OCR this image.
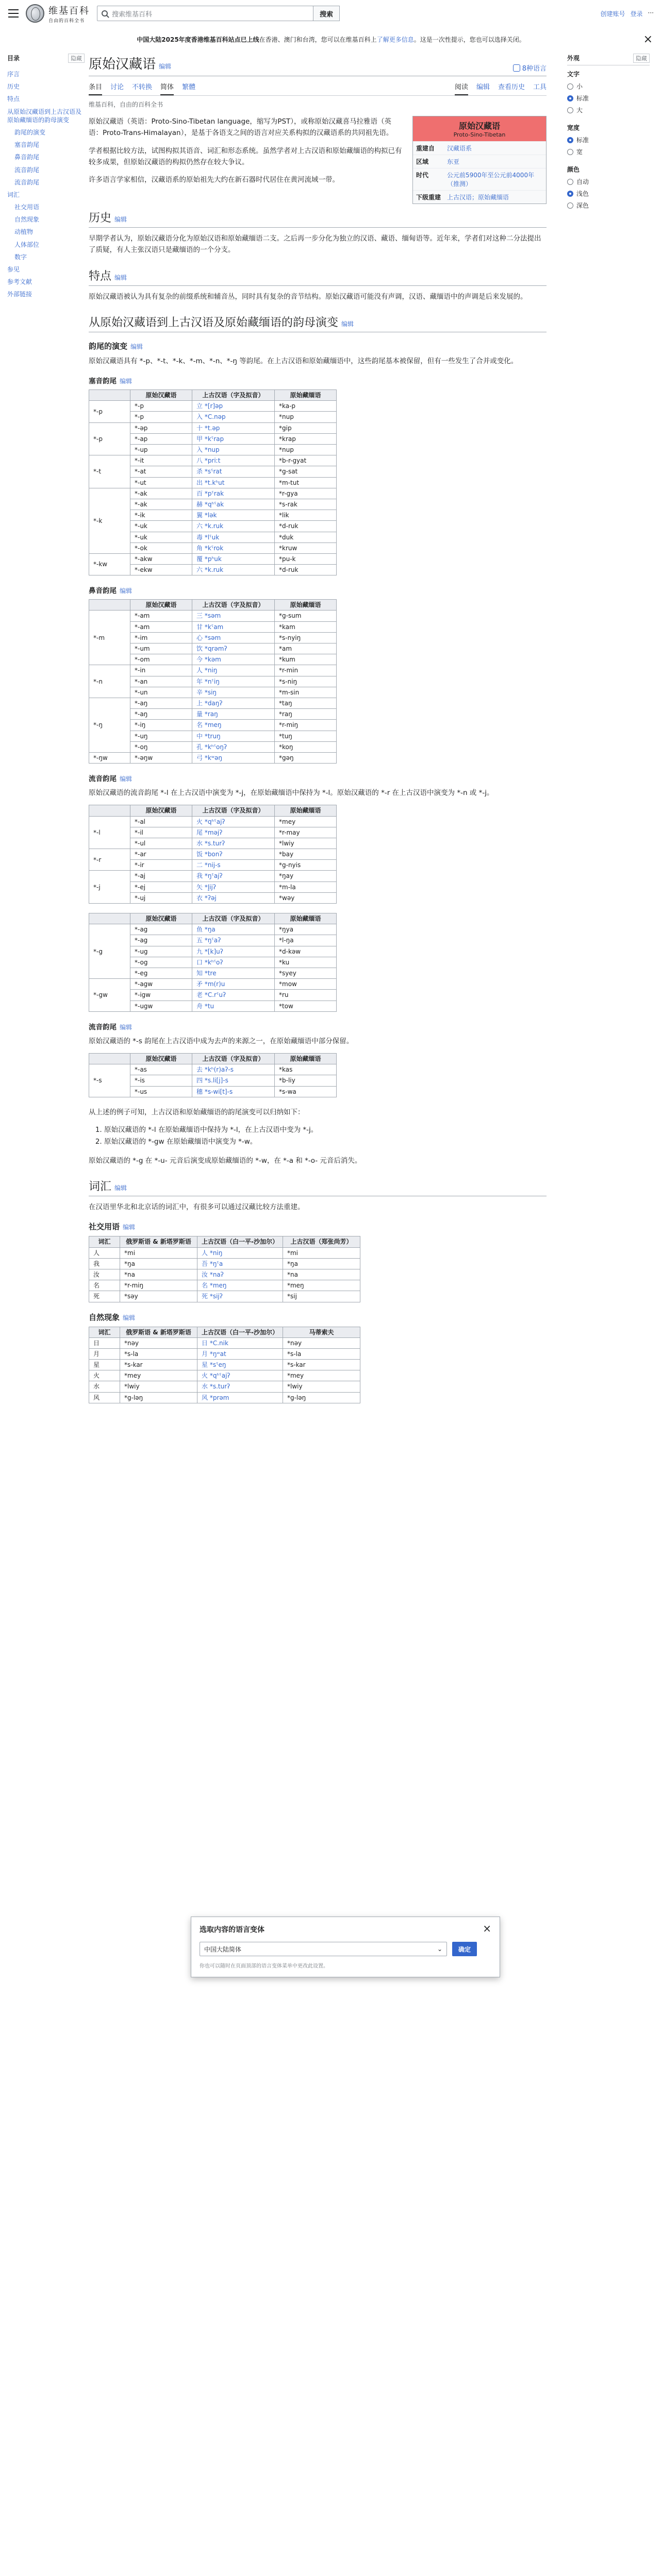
维基百科
自由的百科全书
搜索维基百科	搜索	创建账号 登录 ···
中国大陆2025年度香港维基百科站点已上线在香港、澳门和台湾，您可以在维基百科上了解更多信息。这是一次性提示，您也可以选择关闭。	×
目录	隐藏
序言
历史
特点
从原始汉藏语到上古汉语及原始藏缅语的韵母演变
韵尾的演变
塞音韵尾
鼻音韵尾
流音韵尾
流音韵尾
词汇
社交用语
自然现象
动植物
人体部位
数字
参见
参考文献
外部链接
原始汉藏语 编辑	8种语言
条目 讨论 不转换 简体 繁體	阅读 编辑 查看历史 工具
维基百科，自由的百科全书
原始汉藏语
Proto-Sino-Tibetan
重建自	汉藏语系
区域	东亚
时代	公元前5900年至公元前4000年（推测）
下级重建	上古汉语；原始藏缅语

原始汉藏语（英语：Proto-Sino-Tibetan language，缩写为PST），或称原始汉藏喜马拉雅语（英语：Proto-Trans-Himalayan），是基于各语支之间的语言对应关系构拟的汉藏语系的共同祖先语。

学者根据比较方法，试图构拟其语音、词汇和形态系统。虽然学者对上古汉语和原始藏缅语的构拟已有较多成果，但原始汉藏语的构拟仍然存在较大争议。

许多语言学家相信，汉藏语系的原始祖先大约在新石器时代居住在黄河流域一带。

历史 编辑

早期学者认为，原始汉藏语分化为原始汉语和原始藏缅语二支。之后再一步分化为独立的汉语、藏语、缅甸语等。近年来，学者们对这种二分法提出了质疑，有人主张汉语只是藏缅语的一个分支。

特点 编辑

原始汉藏语被认为具有复杂的前缀系统和辅音丛，同时具有复杂的音节结构。原始汉藏语可能没有声调，汉语、藏缅语中的声调是后来发展的。

从原始汉藏语到上古汉语及原始藏缅语的韵母演变 编辑
韵尾的演变 编辑

原始汉藏语具有 *-p、*-t、*-k、*-m、*-n、*-ŋ 等韵尾。在上古汉语和原始藏缅语中，这些韵尾基本被保留，但有一些发生了合并或变化。

塞音韵尾 编辑
	原始汉藏语	上古汉语（字及拟音）	原始藏缅语
*-p	*-p	立 *[r]ǝp	*ka-p
	*-p	入 *C.nǝp	*nup
*-p	*-ǝp	十 *t.ǝp	*gip
	*-ap	甲 *kˤrap	*krap
	*-up	入 *nup	*nup
*-t	*-it	八 *priːt	*b-r-gyat
	*-at	杀 *sˤrat	*g-sat
	*-ut	出 *t.kʰut	*m-tut
*-k	*-ak	百 *pˤrak	*r-gya
	*-ak	赫 *qʰˤak	*s-rak
	*-ik	翼 *lək	*lik
	*-uk	六 *k.ruk	*d-ruk
	*-uk	毒 *lˤuk	*duk
	*-ok	角 *kˤrok	*kruw
*-kw	*-akw	覆 *pʰuk	*pu-k
	*-ekw	六 *k.ruk	*d-ruk
鼻音韵尾 编辑
	原始汉藏语	上古汉语（字及拟音）	原始藏缅语
*-m	*-am	三 *səm	*g-sum
	*-am	甘 *kˤam	*kam
	*-im	心 *səm	*s-nyiŋ
	*-um	饮 *qrəmʔ	*am
	*-om	今 *kəm	*kum
*-n	*-in	人 *niŋ	*r-min
	*-an	年 *nˤiŋ	*s-niŋ
	*-un	辛 *siŋ	*m-sin
*-ŋ	*-aŋ	上 *daŋʔ	*taŋ
	*-aŋ	量 *raŋ	*raŋ
	*-iŋ	名 *meŋ	*r-miŋ
	*-uŋ	中 *truŋ	*tuŋ
	*-oŋ	孔 *kʰˤoŋʔ	*koŋ
*-ŋw	*-əŋw	弓 *kʷəŋ	*gəŋ
流音韵尾 编辑

原始汉藏语的流音韵尾 *-l 在上古汉语中演变为 *-j，在原始藏缅语中保持为 *-l。原始汉藏语的 *-r 在上古汉语中演变为 *-n 或 *-j。

	原始汉藏语	上古汉语（字及拟音）	原始藏缅语
*-l	*-al	火 *qʰˤajʔ	*mey
	*-il	尾 *məjʔ	*r-may
	*-ul	水 *s.turʔ	*lwiy
*-r	*-ar	饭 *bonʔ	*bay
	*-ir	二 *nij-s	*g-nyis
*-j	*-aj	我 *ŋˤajʔ	*ŋay
	*-ej	矢 *l̥ijʔ	*m-la
	*-uj	衣 *ʔəj	*wəy
	原始汉藏语	上古汉语（字及拟音）	原始藏缅语
*-g	*-ag	鱼 *ŋa	*ŋya
	*-ag	五 *ŋˤaʔ	*l-ŋa
	*-ug	九 *[k]uʔ	*d-kəw
	*-og	口 *kʰˤoʔ	*ku
	*-eg	知 *tre	*syey
*-gw	*-agw	矛 *m(r)u	*mow
	*-igw	老 *C.rˤuʔ	*ru
	*-ugw	舟 *tu	*tow
流音韵尾 编辑

原始汉藏语的 *-s 韵尾在上古汉语中成为去声的来源之一，在原始藏缅语中部分保留。

	原始汉藏语	上古汉语（字及拟音）	原始藏缅语
*-s	*-as	去 *kʰ(r)aʔ-s	*kas
	*-is	四 *s.li[j]-s	*b-liy
	*-us	穗 *s-wi[t]-s	*s-wa

从上述的例子可知，上古汉语和原始藏缅语的韵尾演变可以归纳如下：

1. 原始汉藏语的 *-l 在原始藏缅语中保持为 *-l，在上古汉语中变为 *-j。
2. 原始汉藏语的 *-gw 在原始藏缅语中演变为 *-w。

原始汉藏语的 *-g 在 *-u- 元音后演变成原始藏缅语的 *-w，在 *-a 和 *-o- 元音后消失。

词汇 编辑

在汉语里华北和北京话的词汇中，有很多可以通过汉藏比较方法重建。

社交用语 编辑
词汇	俄罗斯语 & 新塔罗斯语	上古汉语（白一平-沙加尔）	上古汉语（郑张尚芳）
人	*mi	人 *niŋ	*mi
我	*ŋa	吾 *ŋˤa	*ŋa
汝	*na	汝 *naʔ	*na
名	*r-miŋ	名 *meŋ	*meŋ
死	*səy	死 *sijʔ	*sij
自然现象 编辑
词汇	俄罗斯语 & 新塔罗斯语	上古汉语（白一平-沙加尔）	马蒂索夫
日	*nəy	日 *C.nik	*nəy
月	*s-la	月 *ŋʷat	*s-la
星	*s-kar	星 *sˤeŋ	*s-kar
火	*mey	火 *qʰˤajʔ	*mey
水	*lwiy	水 *s.turʔ	*lwiy
风	*g-ləŋ	风 *prəm	*g-ləŋ
外观	隐藏
文字
小
标准
大
宽度
标准
宽
颜色
自动
浅色
深色
选取内容的语言变体	×
中国大陆简体	⌄	确定
你也可以随时在页面顶部的语言变体菜单中更改此设置。
